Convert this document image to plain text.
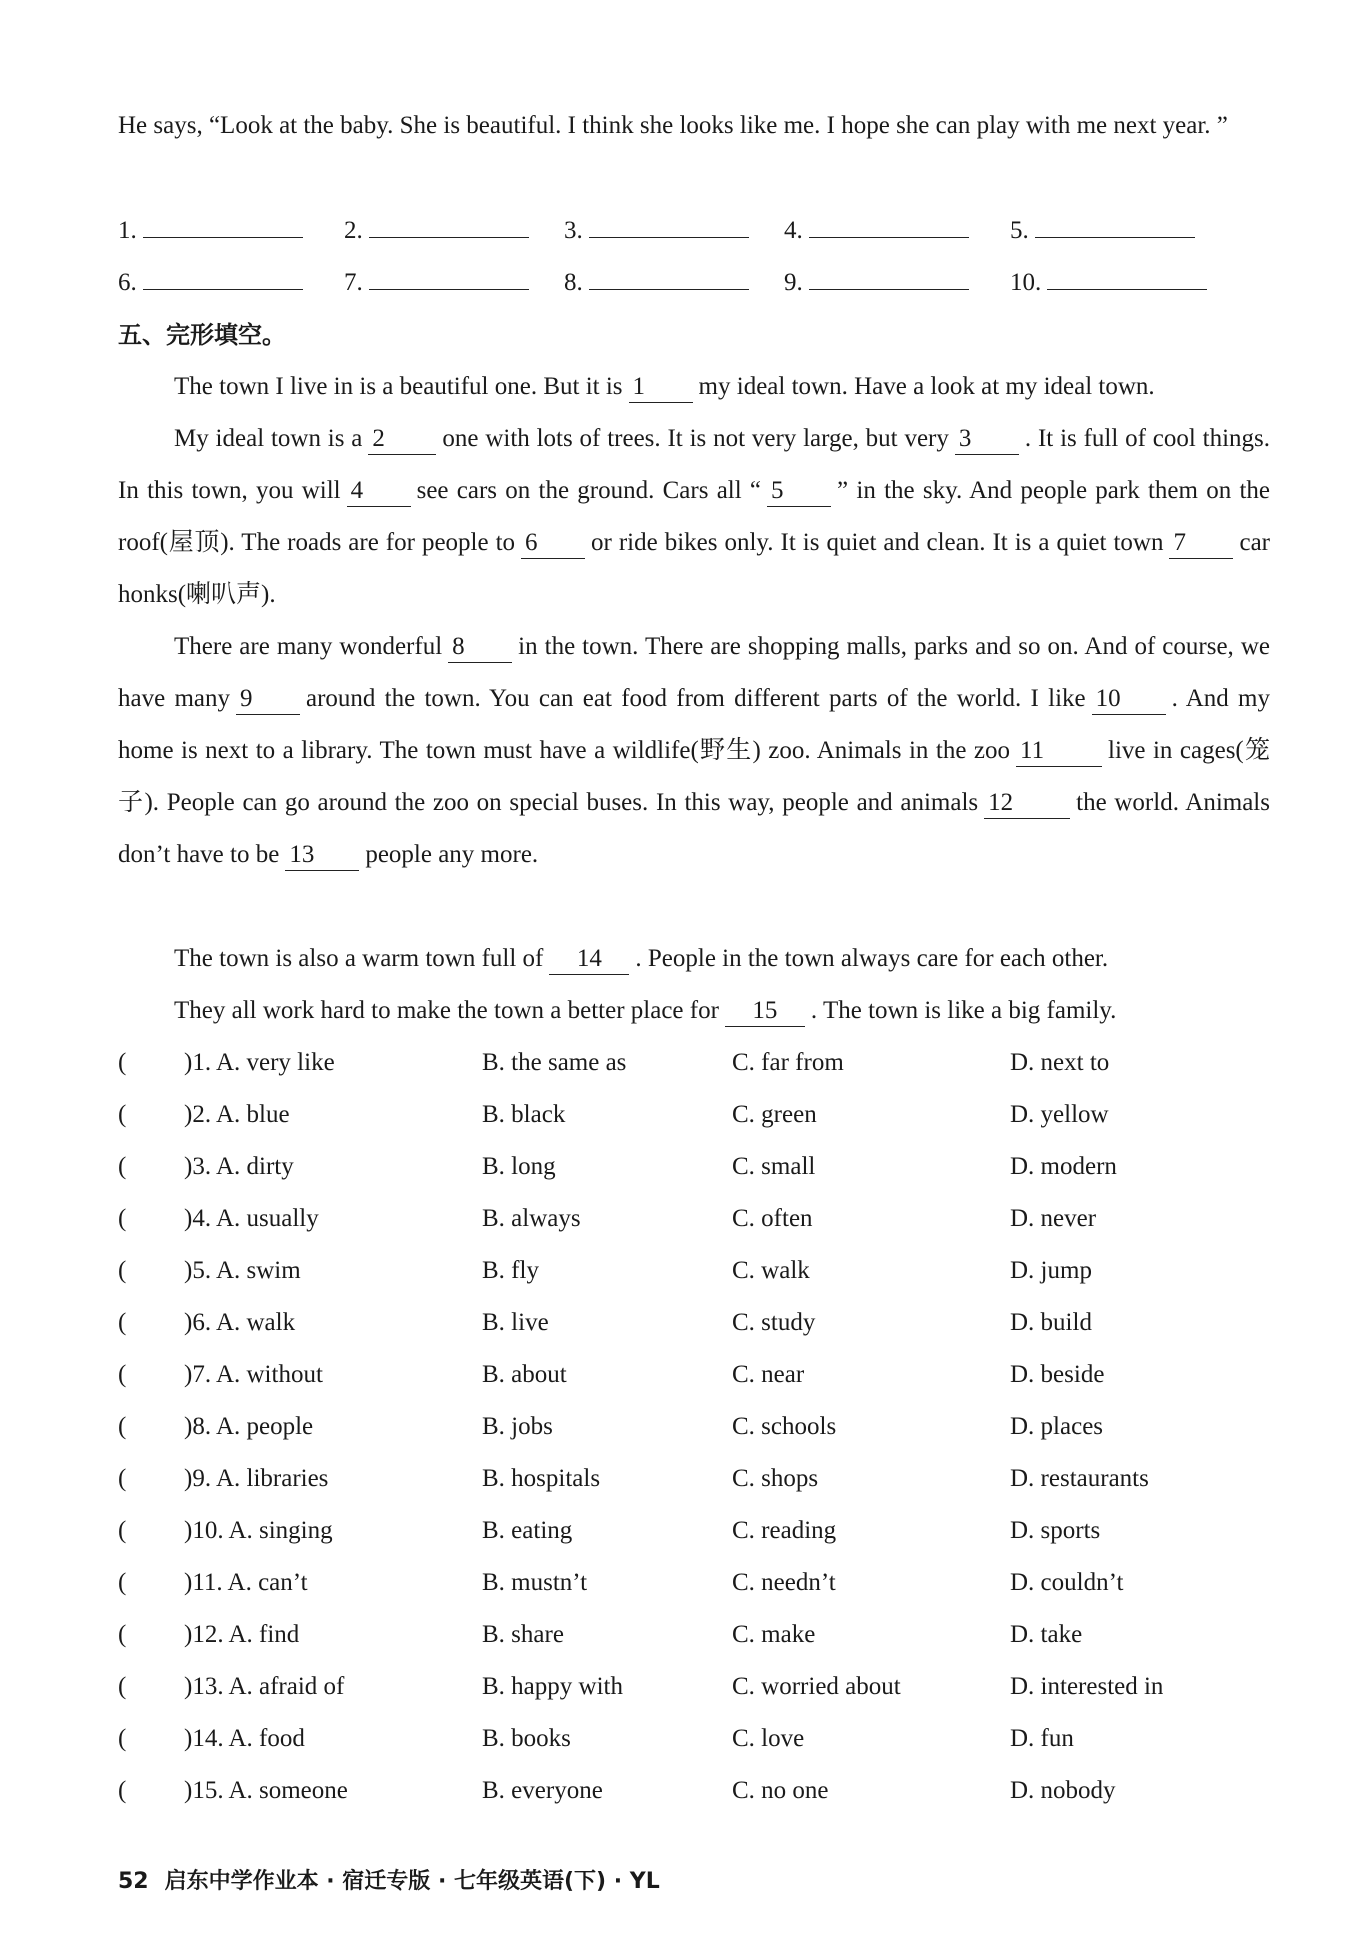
He says, “Look at the baby. She is beautiful. I think she looks like me. I hope she can play with me next year. ”

1.	2.	3.	4.	5.
6.	7.	8.	9.	10.
五、完形填空。

The town I live in is a beautiful one. But it is 1 my ideal town. Have a look at my ideal town.

My ideal town is a 2 one with lots of trees. It is not very large, but very 3 . It is full of cool things. In this town, you will 4 see cars on the ground. Cars all “ 5 ” in the sky. And people park them on the roof(屋顶). The roads are for people to 6 or ride bikes only. It is quiet and clean. It is a quiet town 7 car honks(喇叭声).

There are many wonderful 8 in the town. There are shopping malls, parks and so on. And of course, we have many 9 around the town. You can eat food from different parts of the world. I like 10 . And my home is next to a library. The town must have a wildlife(野生) zoo. Animals in the zoo 11	live in cages(笼子). People can go around the zoo on special buses. In this way, people and animals 12	the world. Animals don’t have to be 13 people any more.

The town is also a warm town full of 14 . People in the town always care for each other.

They all work hard to make the town a better place for 15 . The town is like a big family.

( )1. A. very like	B. the same as	C. far from	D. next to
( )2. A. blue	B. black	C. green	D. yellow
( )3. A. dirty	B. long	C. small	D. modern
( )4. A. usually	B. always	C. often	D. never
( )5. A. swim	B. fly	C. walk	D. jump
( )6. A. walk	B. live	C. study	D. build
( )7. A. without	B. about	C. near	D. beside
( )8. A. people	B. jobs	C. schools	D. places
( )9. A. libraries	B. hospitals	C. shops	D. restaurants
( )10. A. singing	B. eating	C. reading	D. sports
( )11. A. can’t	B. mustn’t	C. needn’t	D. couldn’t
( )12. A. find	B. share	C. make	D. take
( )13. A. afraid of	B. happy with	C. worried about	D. interested in
( )14. A. food	B. books	C. love	D. fun
( )15. A. someone	B. everyone	C. no one	D. nobody
52 启东中学作业本 · 宿迁专版 · 七年级英语(下) · YL
